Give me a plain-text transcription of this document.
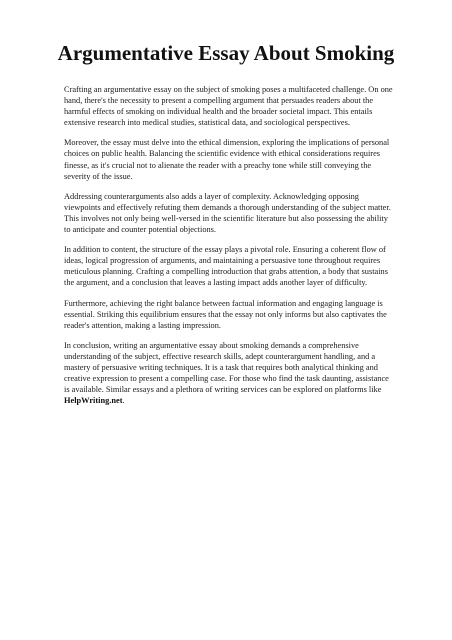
Argumentative Essay About Smoking

Crafting an argumentative essay on the subject of smoking poses a multifaceted challenge. On one hand, there's the necessity to present a compelling argument that persuades readers about the harmful effects of smoking on individual health and the broader societal impact. This entails extensive research into medical studies, statistical data, and sociological perspectives.

Moreover, the essay must delve into the ethical dimension, exploring the implications of personal choices on public health. Balancing the scientific evidence with ethical considerations requires finesse, as it's crucial not to alienate the reader with a preachy tone while still conveying the severity of the issue.

Addressing counterarguments also adds a layer of complexity. Acknowledging opposing viewpoints and effectively refuting them demands a thorough understanding of the subject matter. This involves not only being well-versed in the scientific literature but also possessing the ability to anticipate and counter potential objections.

In addition to content, the structure of the essay plays a pivotal role. Ensuring a coherent flow of ideas, logical progression of arguments, and maintaining a persuasive tone throughout requires meticulous planning. Crafting a compelling introduction that grabs attention, a body that sustains the argument, and a conclusion that leaves a lasting impact adds another layer of difficulty.

Furthermore, achieving the right balance between factual information and engaging language is essential. Striking this equilibrium ensures that the essay not only informs but also captivates the reader's attention, making a lasting impression.

In conclusion, writing an argumentative essay about smoking demands a comprehensive understanding of the subject, effective research skills, adept counterargument handling, and a mastery of persuasive writing techniques. It is a task that requires both analytical thinking and creative expression to present a compelling case. For those who find the task daunting, assistance is available. Similar essays and a plethora of writing services can be explored on platforms like HelpWriting.net.
